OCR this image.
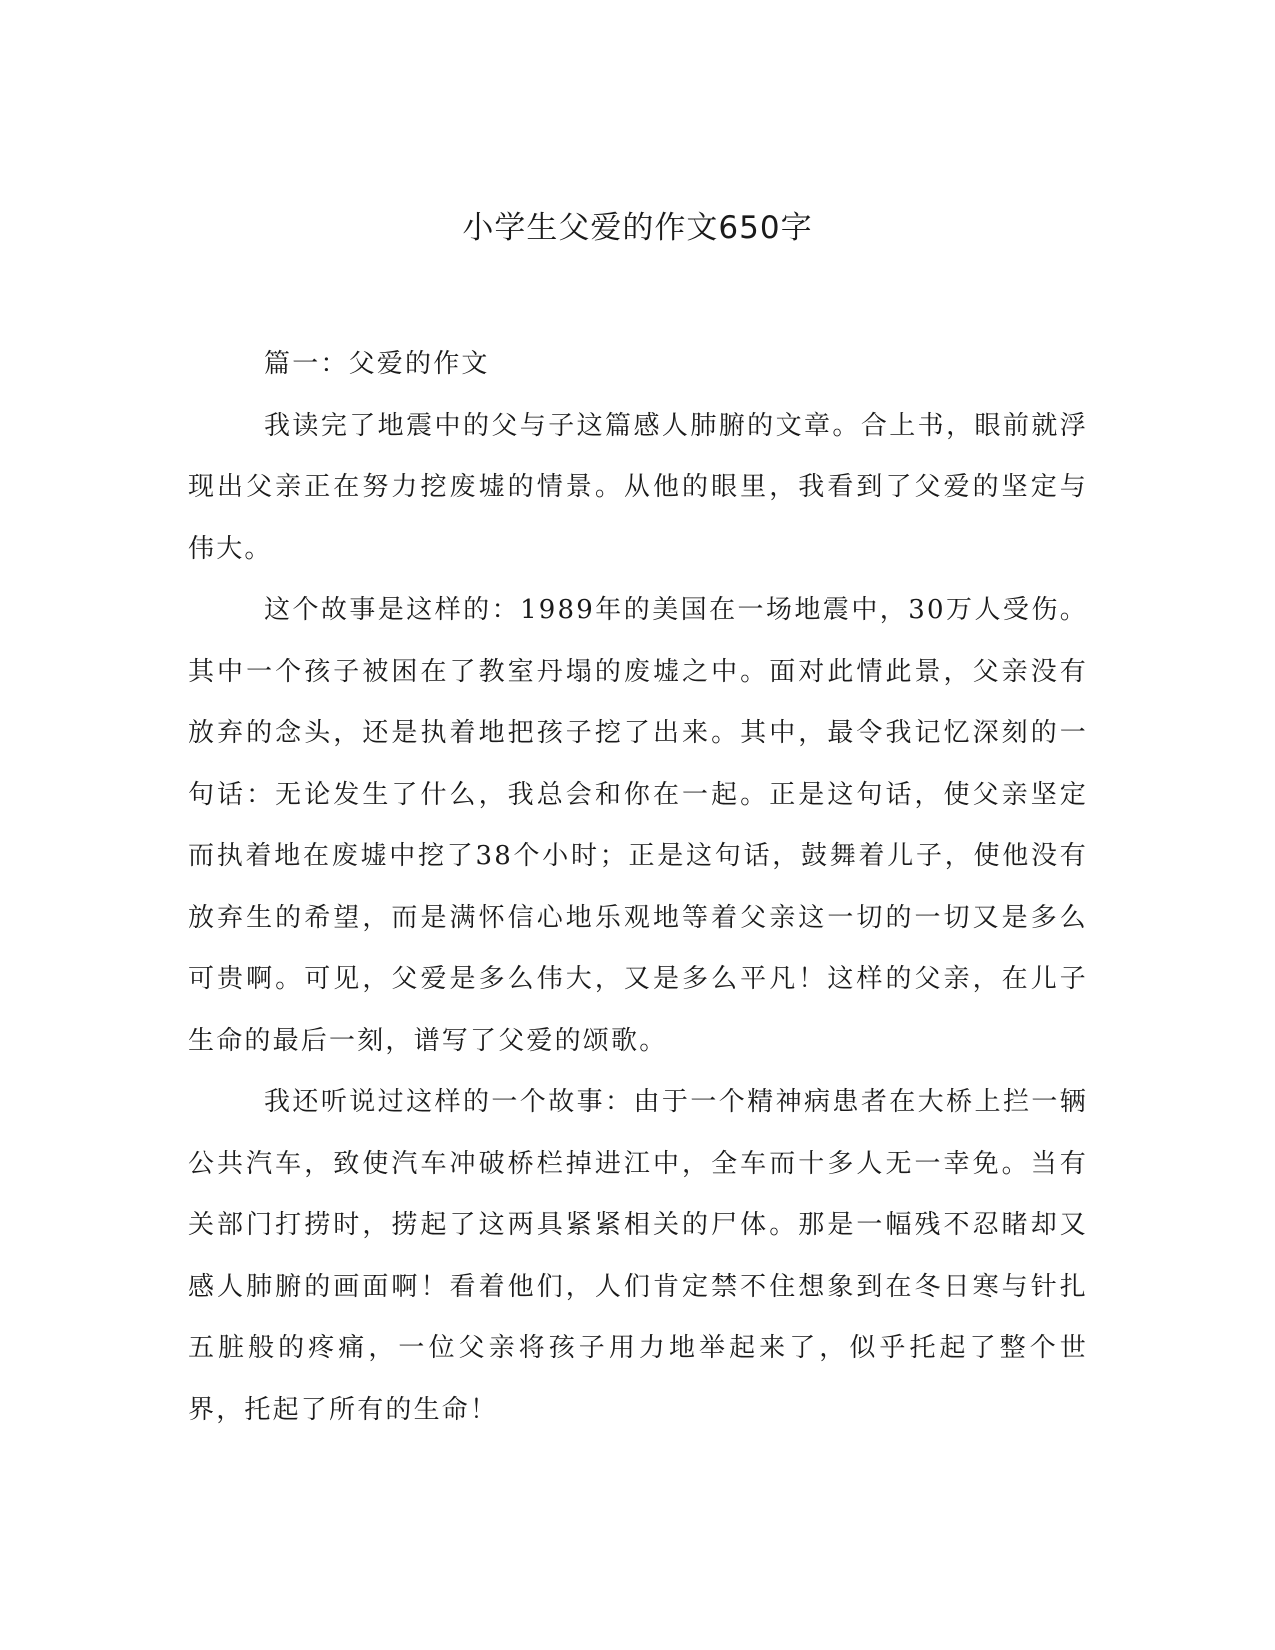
小学生父爱的作文650字

篇一：父爱的作文

我读完了地震中的父与子这篇感人肺腑的文章。合上书，眼前就浮现出父亲正在努力挖废墟的情景。从他的眼里，我看到了父爱的坚定与伟大。

这个故事是这样的：1989年的美国在一场地震中，30万人受伤。其中一个孩子被困在了教室丹塌的废墟之中。面对此情此景，父亲没有放弃的念头，还是执着地把孩子挖了出来。其中，最令我记忆深刻的一句话：无论发生了什么，我总会和你在一起。正是这句话，使父亲坚定而执着地在废墟中挖了38个小时；正是这句话，鼓舞着儿子，使他没有放弃生的希望，而是满怀信心地乐观地等着父亲这一切的一切又是多么可贵啊。可见，父爱是多么伟大，又是多么平凡！这样的父亲，在儿子生命的最后一刻，谱写了父爱的颂歌。

我还听说过这样的一个故事：由于一个精神病患者在大桥上拦一辆公共汽车，致使汽车冲破桥栏掉进江中，全车而十多人无一幸免。当有关部门打捞时，捞起了这两具紧紧相关的尸体。那是一幅残不忍睹却又感人肺腑的画面啊！看着他们，人们肯定禁不住想象到在冬日寒与针扎五脏般的疼痛，一位父亲将孩子用力地举起来了，似乎托起了整个世界，托起了所有的生命！
